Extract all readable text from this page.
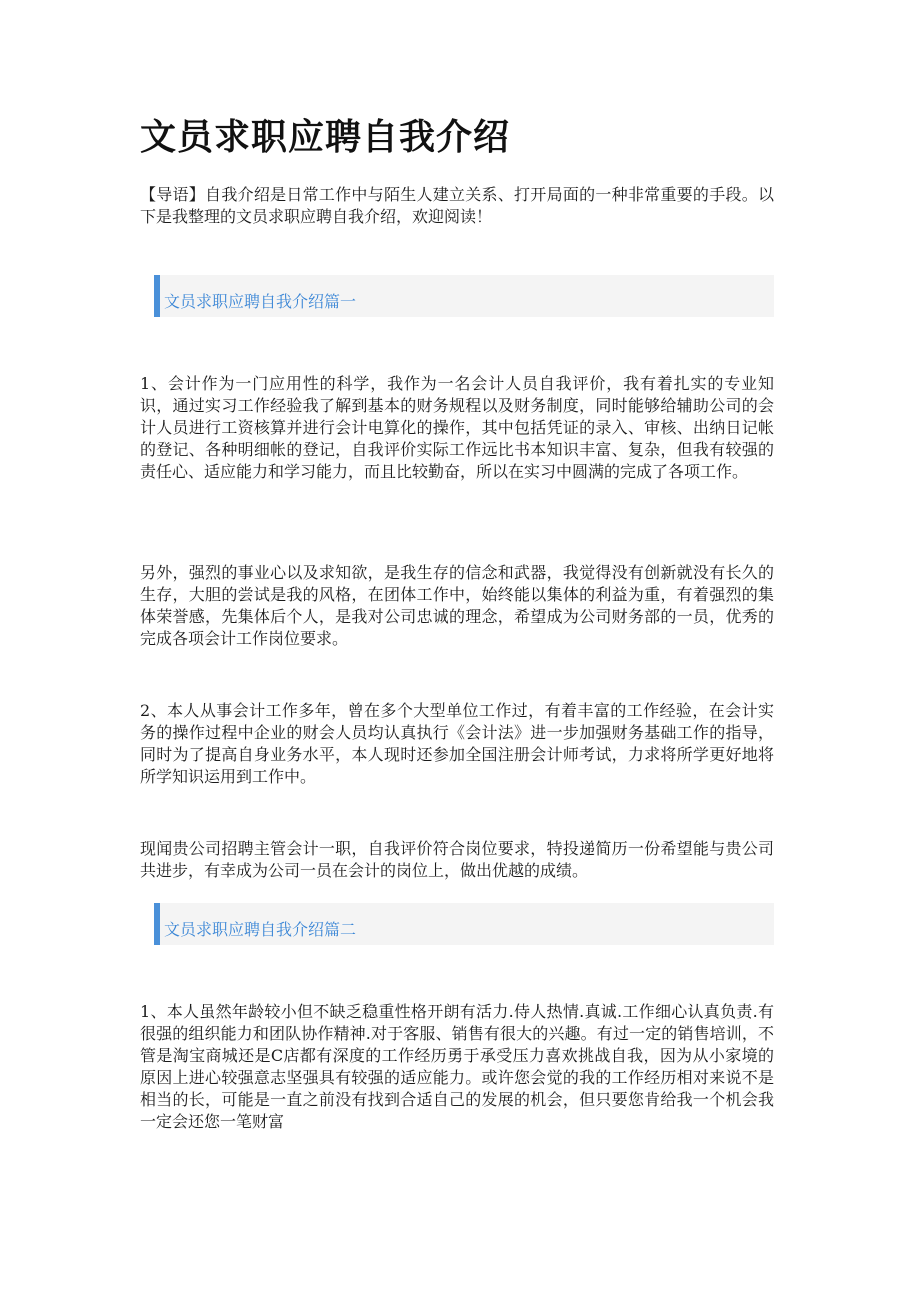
文员求职应聘自我介绍

【导语】自我介绍是日常工作中与陌生人建立关系、打开局面的一种非常重要的手段。以下是我整理的文员求职应聘自我介绍，欢迎阅读！

文员求职应聘自我介绍篇一

1、会计作为一门应用性的科学，我作为一名会计人员自我评价，我有着扎实的专业知识，通过实习工作经验我了解到基本的财务规程以及财务制度，同时能够给辅助公司的会计人员进行工资核算并进行会计电算化的操作，其中包括凭证的录入、审核、出纳日记帐的登记、各种明细帐的登记，自我评价实际工作远比书本知识丰富、复杂，但我有较强的责任心、适应能力和学习能力，而且比较勤奋，所以在实习中圆满的完成了各项工作。

另外，强烈的事业心以及求知欲，是我生存的信念和武器，我觉得没有创新就没有长久的生存，大胆的尝试是我的风格，在团体工作中，始终能以集体的利益为重，有着强烈的集体荣誉感，先集体后个人，是我对公司忠诚的理念，希望成为公司财务部的一员，优秀的完成各项会计工作岗位要求。

2、本人从事会计工作多年，曾在多个大型单位工作过，有着丰富的工作经验，在会计实务的操作过程中企业的财会人员均认真执行《会计法》进一步加强财务基础工作的指导，同时为了提高自身业务水平，本人现时还参加全国注册会计师考试，力求将所学更好地将所学知识运用到工作中。

现闻贵公司招聘主管会计一职，自我评价符合岗位要求，特投递简历一份希望能与贵公司共进步，有幸成为公司一员在会计的岗位上，做出优越的成绩。

文员求职应聘自我介绍篇二

1、本人虽然年龄较小但不缺乏稳重性格开朗有活力.侍人热情.真诚.工作细心认真负责.有很强的组织能力和团队协作精神.对于客服、销售有很大的兴趣。有过一定的销售培训，不管是淘宝商城还是C店都有深度的工作经历勇于承受压力喜欢挑战自我，因为从小家境的原因上进心较强意志坚强具有较强的适应能力。或许您会觉的我的工作经历相对来说不是相当的长，可能是一直之前没有找到合适自己的发展的机会，但只要您肯给我一个机会我一定会还您一笔财富
